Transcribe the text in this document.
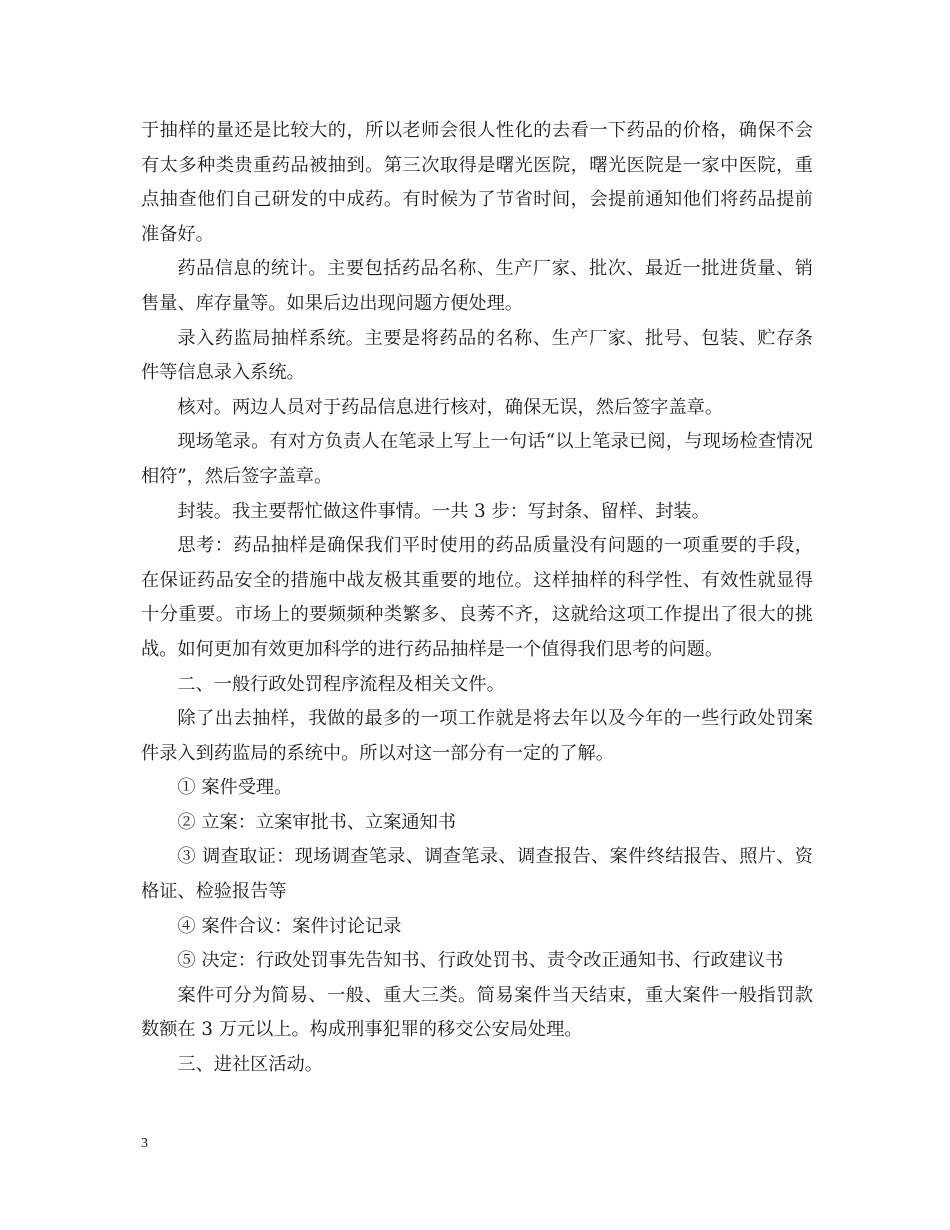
于抽样的量还是比较大的，所以老师会很人性化的去看一下药品的价格，确保不会有太多种类贵重药品被抽到。第三次取得是曙光医院，曙光医院是一家中医院，重点抽查他们自己研发的中成药。有时候为了节省时间，会提前通知他们将药品提前准备好。

药品信息的统计。主要包括药品名称、生产厂家、批次、最近一批进货量、销售量、库存量等。如果后边出现问题方便处理。

录入药监局抽样系统。主要是将药品的名称、生产厂家、批号、包装、贮存条件等信息录入系统。

核对。两边人员对于药品信息进行核对，确保无误，然后签字盖章。

现场笔录。有对方负责人在笔录上写上一句话“以上笔录已阅，与现场检查情况相符”，然后签字盖章。

封装。我主要帮忙做这件事情。一共 3 步：写封条、留样、封装。

思考：药品抽样是确保我们平时使用的药品质量没有问题的一项重要的手段，在保证药品安全的措施中战友极其重要的地位。这样抽样的科学性、有效性就显得十分重要。市场上的要频频种类繁多、良莠不齐，这就给这项工作提出了很大的挑战。如何更加有效更加科学的进行药品抽样是一个值得我们思考的问题。

二、一般行政处罚程序流程及相关文件。

除了出去抽样，我做的最多的一项工作就是将去年以及今年的一些行政处罚案件录入到药监局的系统中。所以对这一部分有一定的了解。

① 案件受理。

② 立案：立案审批书、立案通知书

③ 调查取证：现场调查笔录、调查笔录、调查报告、案件终结报告、照片、资格证、检验报告等

④ 案件合议：案件讨论记录

⑤ 决定：行政处罚事先告知书、行政处罚书、责令改正通知书、行政建议书

案件可分为简易、一般、重大三类。简易案件当天结束，重大案件一般指罚款数额在 3 万元以上。构成刑事犯罪的移交公安局处理。

三、进社区活动。

3
